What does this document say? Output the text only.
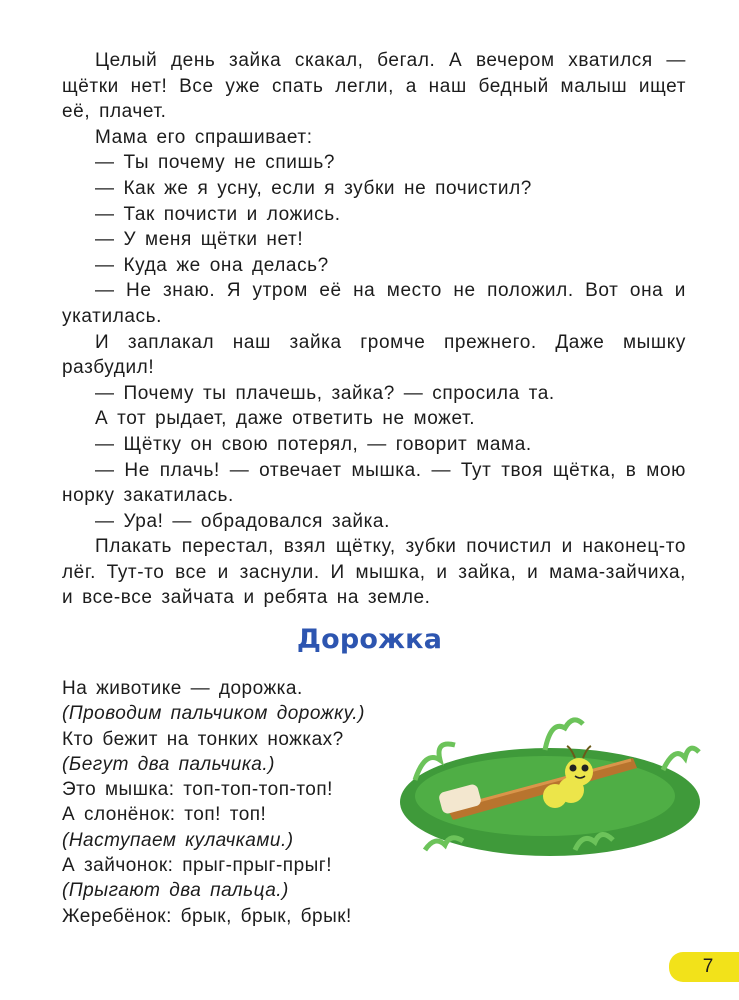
Целый день зайка скакал, бегал. А вечером хватился — щётки нет! Все уже спать легли, а наш бедный малыш ищет её, плачет.

Мама его спрашивает:

— Ты почему не спишь?

— Как же я усну, если я зубки не почистил?

— Так почисти и ложись.

— У меня щётки нет!

— Куда же она делась?

— Не знаю. Я утром её на место не положил. Вот она и укатилась.

И заплакал наш зайка громче прежнего. Даже мышку разбудил!

— Почему ты плачешь, зайка? — спросила та.

А тот рыдает, даже ответить не может.

— Щётку он свою потерял, — говорит мама.

— Не плачь! — отвечает мышка. — Тут твоя щётка, в мою норку закатилась.

— Ура! — обрадовался зайка.

Плакать перестал, взял щётку, зубки почистил и наконец-то лёг. Тут-то все и заснули. И мышка, и зайка, и мама-зайчиха, и все-все зайчата и ребята на земле.

Дорожка
На животике — дорожка.
(Проводим пальчиком дорожку.)
Кто бежит на тонких ножках?
(Бегут два пальчика.)
Это мышка: топ-топ-топ-топ!
А слонёнок: топ! топ!
(Наступаем кулачками.)
А зайчонок: прыг-прыг-прыг!
(Прыгают два пальца.)
Жеребёнок: брык, брык, брык!
7
